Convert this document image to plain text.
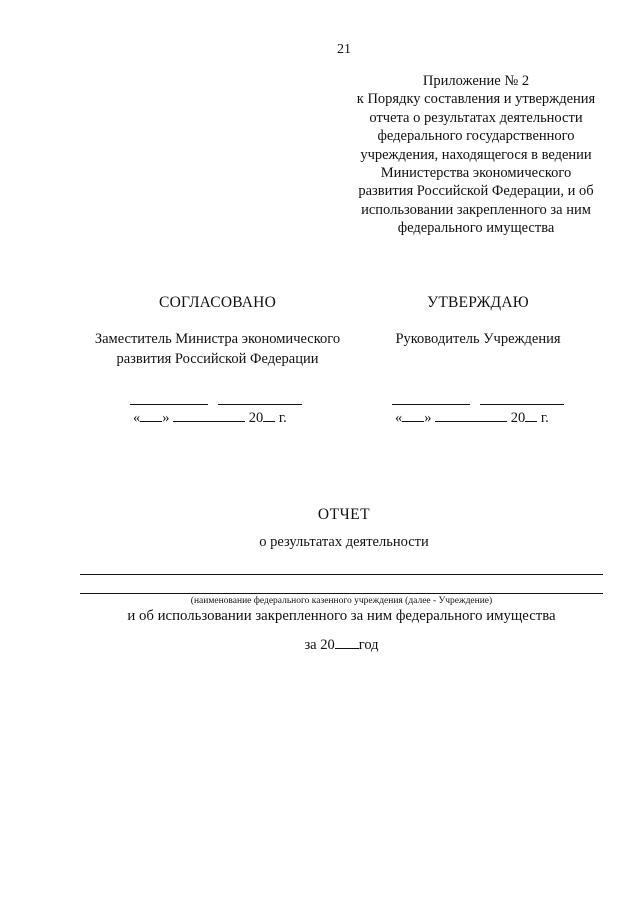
21
Приложение № 2
к Порядку составления и утверждения
отчета о результатах деятельности
федерального государственного
учреждения, находящегося в ведении
Министерства экономического
развития Российской Федерации, и об
использовании закрепленного за ним
федерального имущества
СОГЛАСОВАНО
Заместитель Министра экономического
развития Российской Федерации
« »	20 г.
УТВЕРЖДАЮ
Руководитель Учреждения
« »	20 г.
ОТЧЕТ
о результатах деятельности
(наименование федерального казенного учреждения (далее - Учреждение)
и об использовании закрепленного за ним федерального имущества
за 20 год
